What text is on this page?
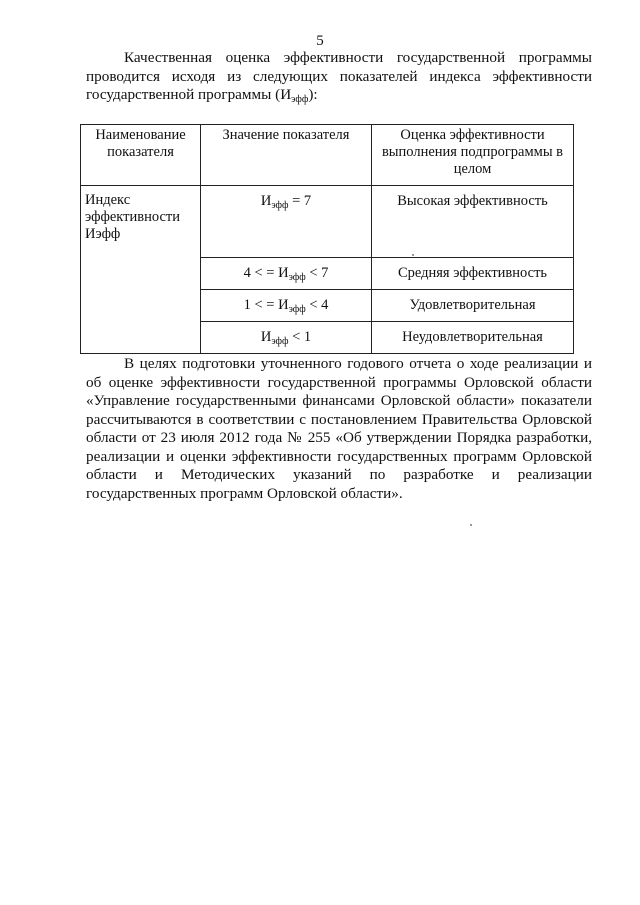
5
Качественная оценка эффективности государственной программы проводится исходя из следующих показателей индекса эффективности государственной программы $(И_{эфф})$:
Наименование показателя	Значение показателя	Оценка эффективности выполнения подпрограммы в целом
Индекс эффективности Иэфф	$И_{эфф} = 7$	Высокая эффективность
	4 < = $И_{эфф} < 7$	Средняя эффективность
	1 < = $И_{эфф} < 4$	Удовлетворительная
	$И_{эфф} < 1$	Неудовлетворительная
В целях подготовки уточненного годового отчета о ходе реализации и об оценке эффективности государственной программы Орловской области «Управление государственными финансами Орловской области» показатели рассчитываются в соответствии с постановлением Правительства Орловской области от 23 июля 2012 года № 255 «Об утверждении Порядка разработки, реализации и оценки эффективности государственных программ Орловской области и Методических указаний по разработке и реализации государственных программ Орловской области».
